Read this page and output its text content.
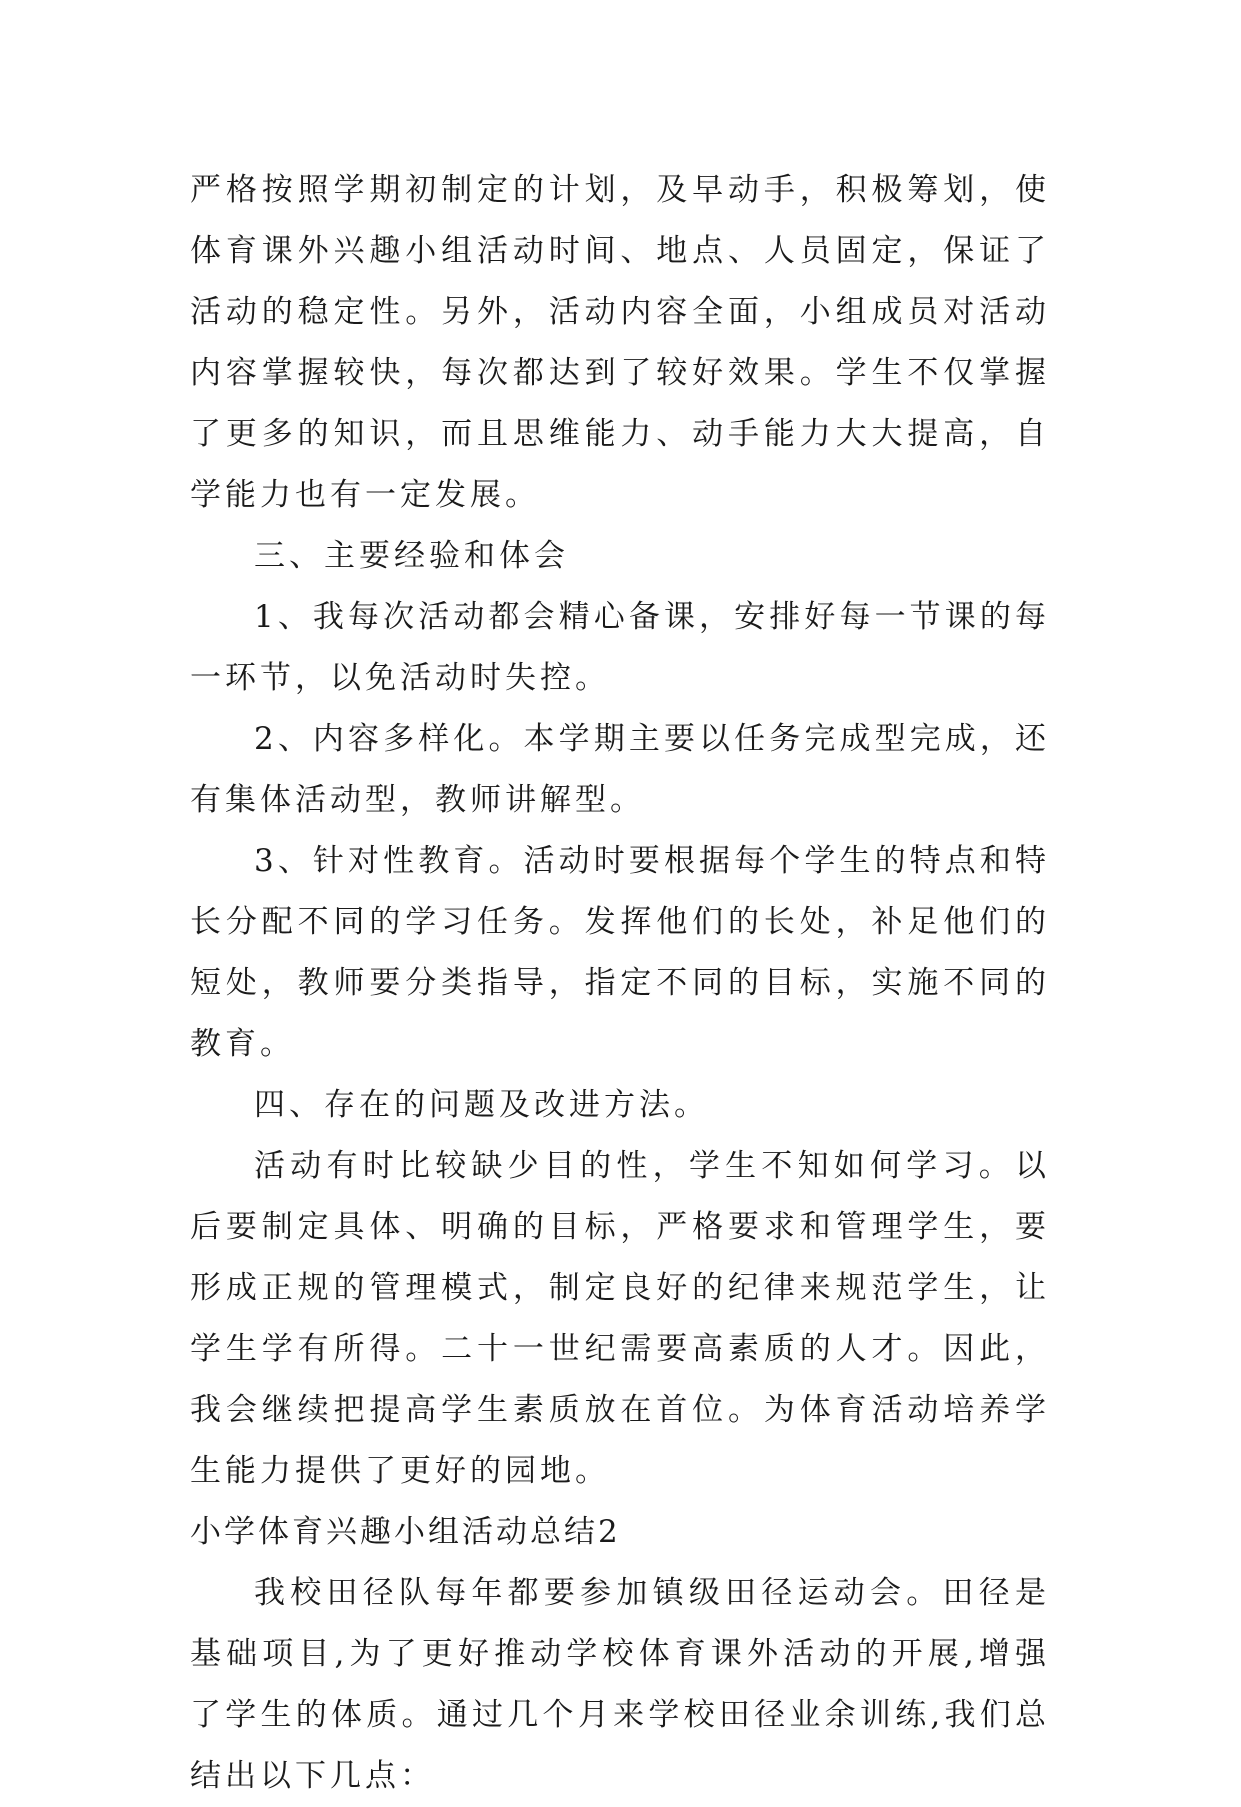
严格按照学期初制定的计划，及早动手，积极筹划，使体育课外兴趣小组活动时间、地点、人员固定，保证了活动的稳定性。另外，活动内容全面，小组成员对活动内容掌握较快，每次都达到了较好效果。学生不仅掌握了更多的知识，而且思维能力、动手能力大大提高，自学能力也有一定发展。

三、主要经验和体会

1、我每次活动都会精心备课，安排好每一节课的每一环节，以免活动时失控。

2、内容多样化。本学期主要以任务完成型完成，还有集体活动型，教师讲解型。

3、针对性教育。活动时要根据每个学生的特点和特长分配不同的学习任务。发挥他们的长处，补足他们的短处，教师要分类指导，指定不同的目标，实施不同的教育。

四、存在的问题及改进方法。

活动有时比较缺少目的性，学生不知如何学习。以后要制定具体、明确的目标，严格要求和管理学生，要形成正规的管理模式，制定良好的纪律来规范学生，让学生学有所得。二十一世纪需要高素质的人才。因此，我会继续把提高学生素质放在首位。为体育活动培养学生能力提供了更好的园地。

小学体育兴趣小组活动总结2

我校田径队每年都要参加镇级田径运动会。田径是基础项目,为了更好推动学校体育课外活动的开展,增强了学生的体质。通过几个月来学校田径业余训练,我们总结出以下几点：
